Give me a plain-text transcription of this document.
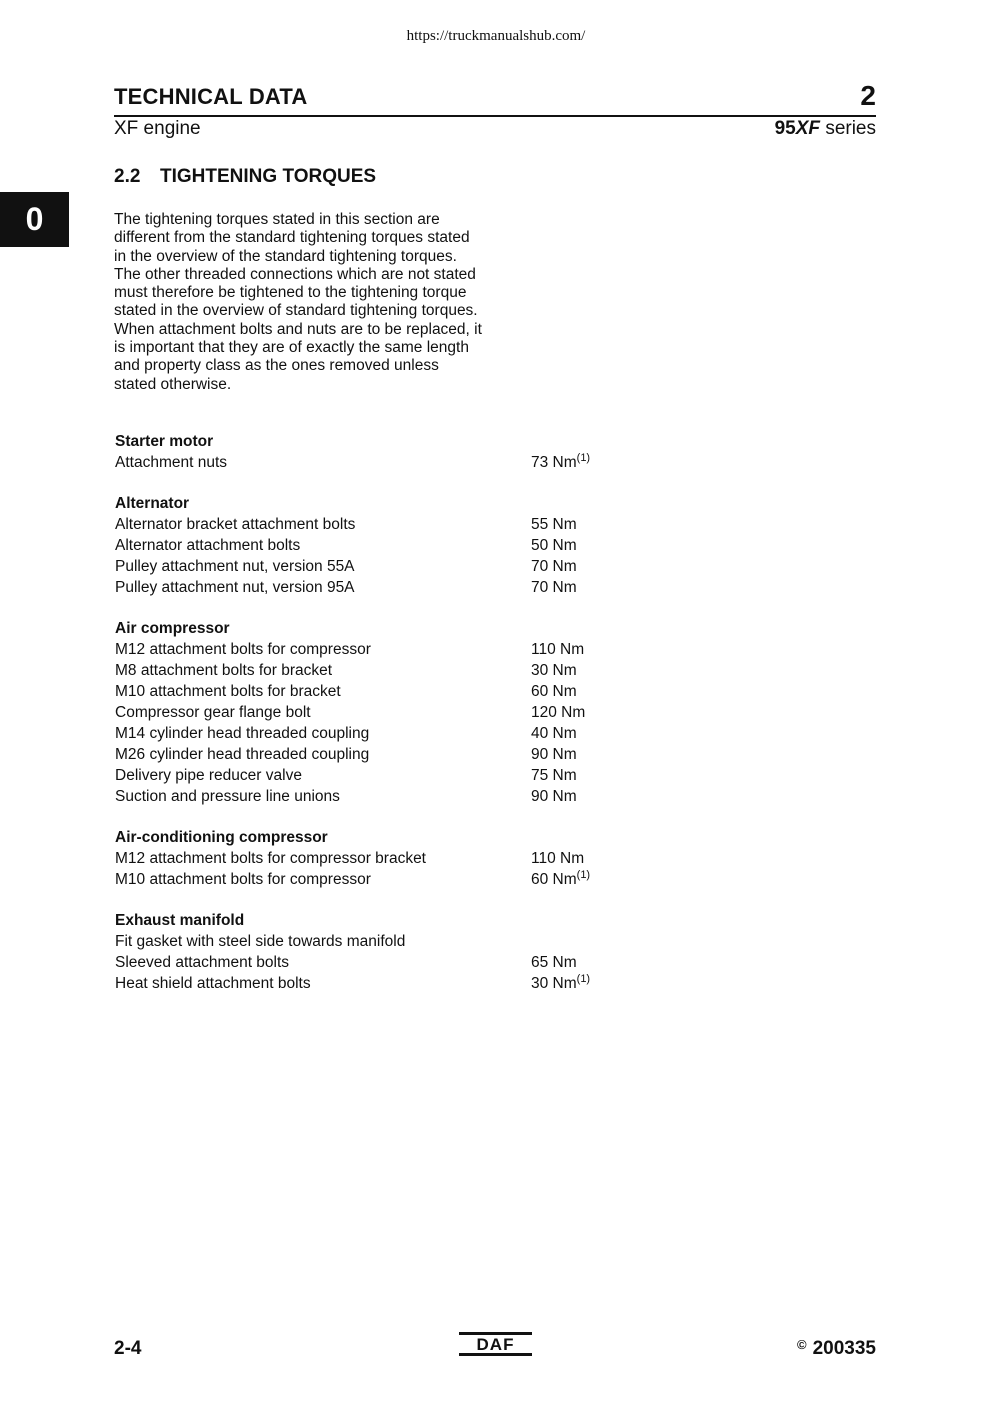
https://truckmanualshub.com/
TECHNICAL DATA	2
XF engine	95XF series
0
2.2 TIGHTENING TORQUES

The tightening torques stated in this section are different from the standard tightening torques stated in the overview of the standard tightening torques. The other threaded connections which are not stated must therefore be tightened to the tightening torque stated in the overview of standard tightening torques.

When attachment bolts and nuts are to be replaced, it is important that they are of exactly the same length and property class as the ones removed unless stated otherwise.

Starter motor
Attachment nuts	73 Nm$^{(1)}$
Alternator
Alternator bracket attachment bolts	55 Nm
Alternator attachment bolts	50 Nm
Pulley attachment nut, version 55A	70 Nm
Pulley attachment nut, version 95A	70 Nm
Air compressor
M12 attachment bolts for compressor	110 Nm
M8 attachment bolts for bracket	30 Nm
M10 attachment bolts for bracket	60 Nm
Compressor gear flange bolt	120 Nm
M14 cylinder head threaded coupling	40 Nm
M26 cylinder head threaded coupling	90 Nm
Delivery pipe reducer valve	75 Nm
Suction and pressure line unions	90 Nm
Air-conditioning compressor
M12 attachment bolts for compressor bracket	110 Nm
M10 attachment bolts for compressor	60 Nm$^{(1)}$
Exhaust manifold
Fit gasket with steel side towards manifold
Sleeved attachment bolts	65 Nm
Heat shield attachment bolts	30 Nm$^{(1)}$
2-4	DAF	© 200335
